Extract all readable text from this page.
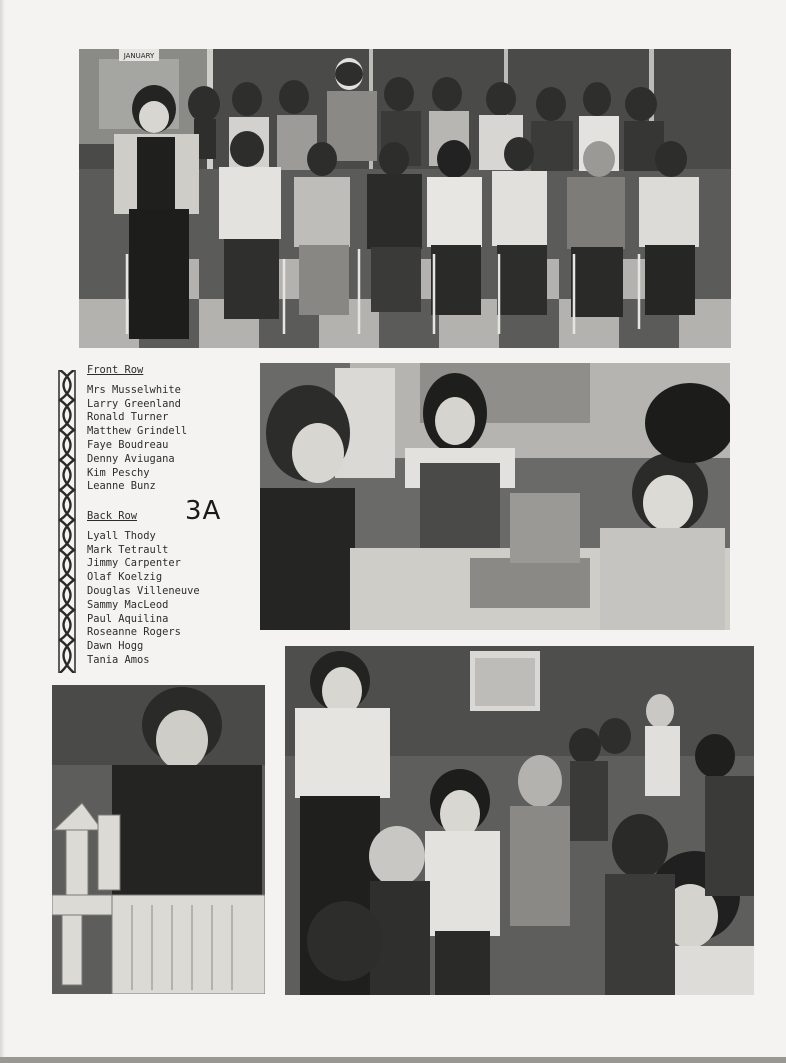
JANUARY
Front Row
Mrs Musselwhite
Larry Greenland
Ronald Turner
Matthew Grindell
Faye Boudreau
Denny Aviugana
Kim Peschy
Leanne Bunz
3A
Back Row
Lyall Thody
Mark Tetrault
Jimmy Carpenter
Olaf Koelzig
Douglas Villeneuve
Sammy MacLeod
Paul Aquilina
Roseanne Rogers
Dawn Hogg
Tania Amos
